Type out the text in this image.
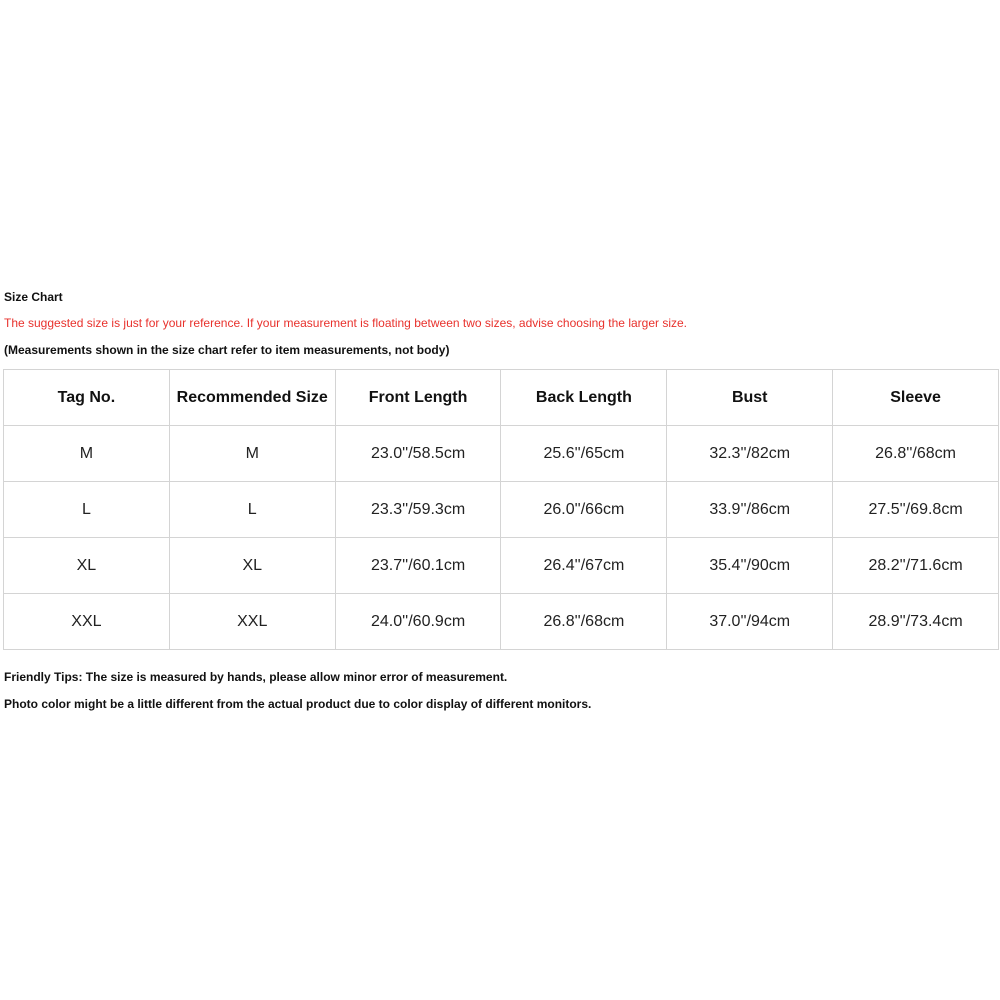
Size Chart
The suggested size is just for your reference. If your measurement is floating between two sizes, advise choosing the larger size.
(Measurements shown in the size chart refer to item measurements, not body)
Tag No.	Recommended Size	Front Length	Back Length	Bust	Sleeve
M	M	23.0''/58.5cm	25.6''/65cm	32.3''/82cm	26.8''/68cm
L	L	23.3''/59.3cm	26.0''/66cm	33.9''/86cm	27.5''/69.8cm
XL	XL	23.7''/60.1cm	26.4''/67cm	35.4''/90cm	28.2''/71.6cm
XXL	XXL	24.0''/60.9cm	26.8''/68cm	37.0''/94cm	28.9''/73.4cm
Friendly Tips: The size is measured by hands, please allow minor error of measurement.
Photo color might be a little different from the actual product due to color display of different monitors.
